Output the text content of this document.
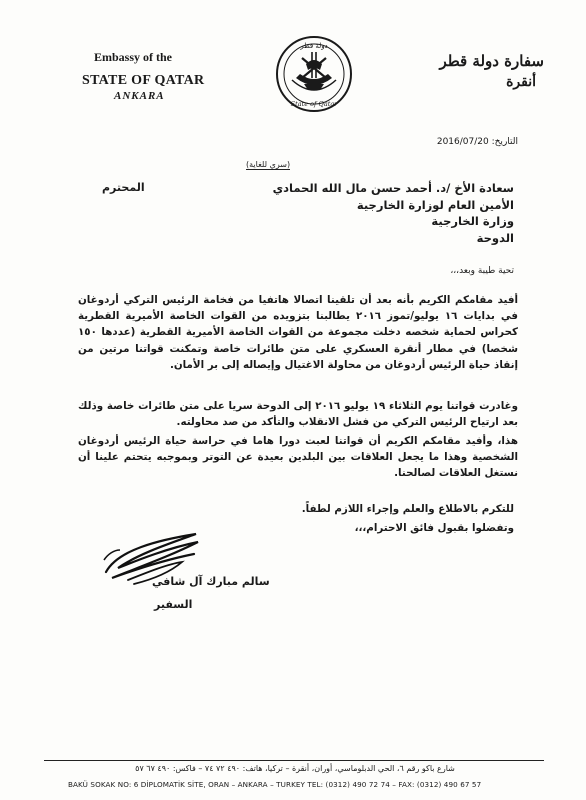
Embassy of the
STATE OF QATAR
ANKARA
دولة قطر
State of Qatar
سفارة دولة قطر
أنقرة
2016/07/20 التاريخ:
(سري للغاية)
سعادة الأخ /د. أحمد حسن مال الله الحمادي
المحترم
الأمين العام لوزارة الخارجية
وزارة الخارجية
الدوحة
تحية طيبة وبعد،،،
أفيد مقامكم الكريم بأنه بعد أن تلقينا اتصالا هاتفيا من فخامة الرئيس التركي أردوغان في بدايات ١٦ يوليو/تموز ٢٠١٦ يطالبنا بتزويده من القوات الخاصة الأميرية القطرية كحراس لحماية شخصه دخلت مجموعة من القوات الخاصة الأميرية القطرية (عددها ١٥٠ شخصا) في مطار أنقرة العسكري على متن طائرات خاصة وتمكنت قواتنا مرتين من إنقاذ حياة الرئيس أردوغان من محاولة الاغتيال وإيصاله إلى بر الأمان.
وغادرت قواتنا يوم الثلاثاء ١٩ يوليو ٢٠١٦ إلى الدوحة سريا على متن طائرات خاصة وذلك بعد ارتياح الرئيس التركي من فشل الانقلاب والتأكد من صد محاولته.
هذا، وأفيد مقامكم الكريم أن قواتنا لعبت دورا هاما في حراسة حياة الرئيس أردوغان الشخصية وهذا ما يجعل العلاقات بين البلدين بعيدة عن التوتر وبموجبه يتحتم علينا أن نستغل العلاقات لصالحنا.
للتكرم بالاطلاع والعلم وإجراء اللازم لطفاً.
وتفضلوا بقبول فائق الاحترام،،،
سالم مبارك آل شافي
السفير
شارع باكو رقم ٦، الحي الدبلوماسي، أوران، أنقرة – تركيا، هاتف: ٤٩٠ ٧٢ ٧٤ – فاكس: ٤٩٠ ٦٧ ٥٧
BAKÜ SOKAK NO: 6 DİPLOMATİK SİTE, ORAN – ANKARA – TURKEY TEL: (0312) 490 72 74 – FAX: (0312) 490 67 57
